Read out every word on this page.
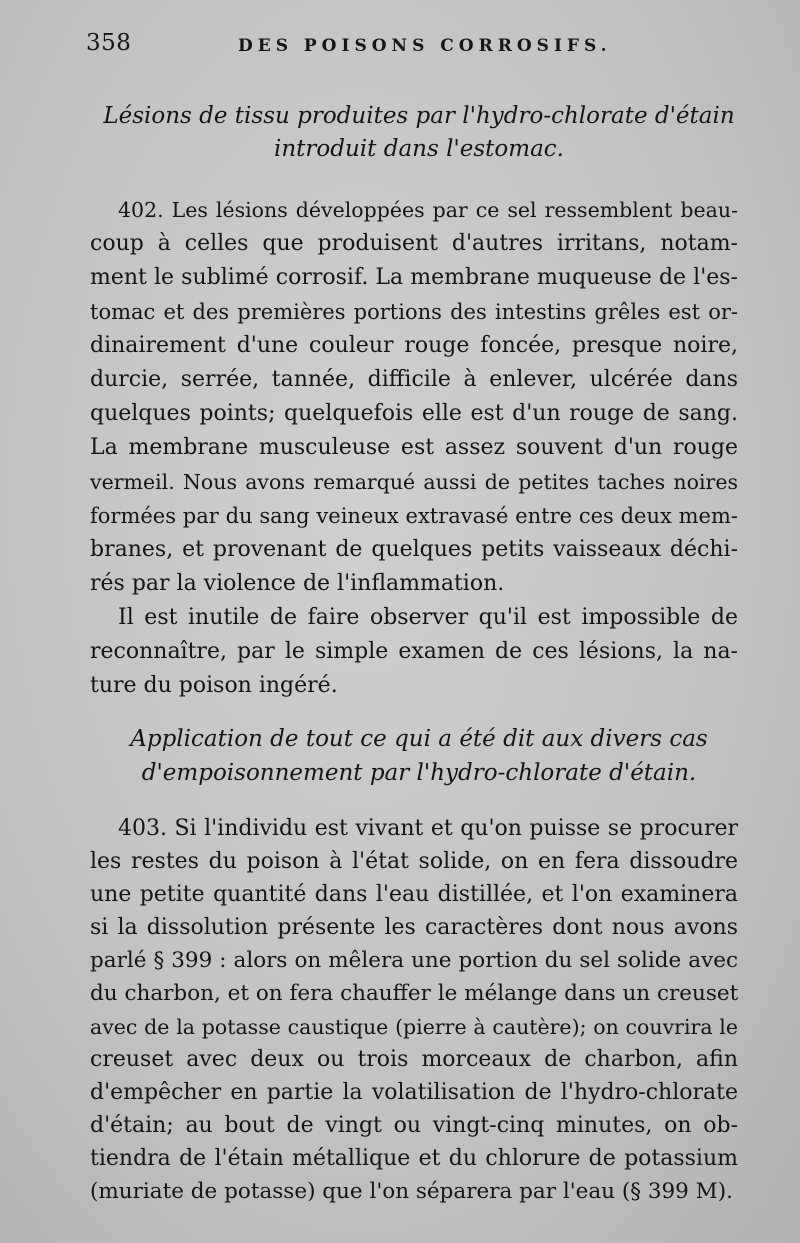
358	DES POISONS CORROSIFS.
Lésions de tissu produites par l'hydro-chlorate d'étain
introduit dans l'estomac.
402. Les lésions développées par ce sel ressemblent beau-
coup à celles que produisent d'autres irritans, notam-
ment le sublimé corrosif. La membrane muqueuse de l'es-
tomac et des premières portions des intestins grêles est or-
dinairement d'une couleur rouge foncée, presque noire,
durcie, serrée, tannée, difficile à enlever, ulcérée dans
quelques points; quelquefois elle est d'un rouge de sang.
La membrane musculeuse est assez souvent d'un rouge
vermeil. Nous avons remarqué aussi de petites taches noires
formées par du sang veineux extravasé entre ces deux mem-
branes, et provenant de quelques petits vaisseaux déchi-
rés par la violence de l'inflammation.
Il est inutile de faire observer qu'il est impossible de
reconnaître, par le simple examen de ces lésions, la na-
ture du poison ingéré.
Application de tout ce qui a été dit aux divers cas
d'empoisonnement par l'hydro-chlorate d'étain.
403. Si l'individu est vivant et qu'on puisse se procurer
les restes du poison à l'état solide, on en fera dissoudre
une petite quantité dans l'eau distillée, et l'on examinera
si la dissolution présente les caractères dont nous avons
parlé § 399 : alors on mêlera une portion du sel solide avec
du charbon, et on fera chauffer le mélange dans un creuset
avec de la potasse caustique (pierre à cautère); on couvrira le
creuset avec deux ou trois morceaux de charbon, afin
d'empêcher en partie la volatilisation de l'hydro-chlorate
d'étain; au bout de vingt ou vingt-cinq minutes, on ob-
tiendra de l'étain métallique et du chlorure de potassium
(muriate de potasse) que l'on séparera par l'eau (§ 399 M).
